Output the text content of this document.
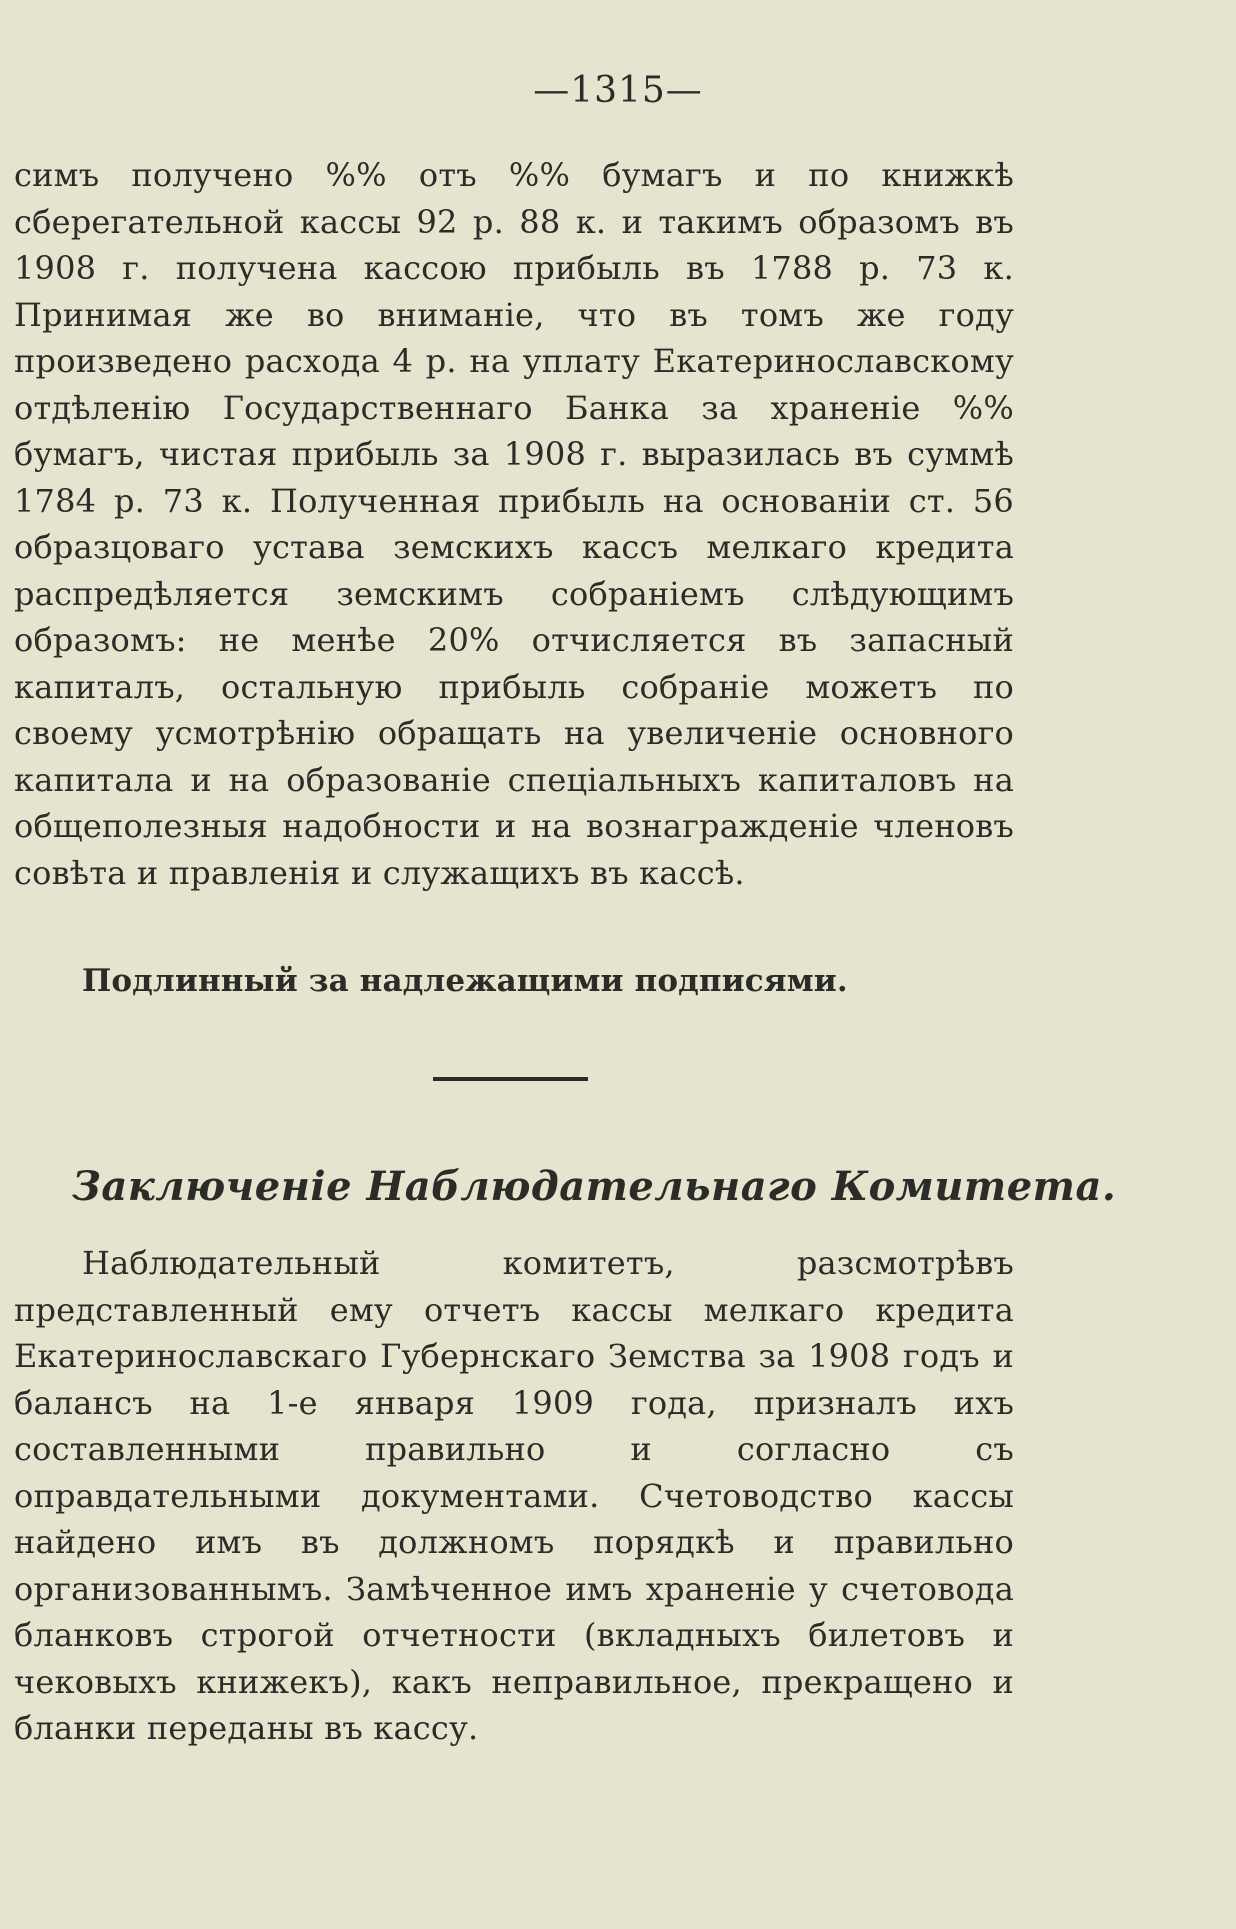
—1315—

симъ получено %% отъ %% бумагъ и по книжкѣ сберегательной кассы 92 р. 88 к. и такимъ образомъ въ 1908 г. получена кассою прибыль въ 1788 р. 73 к. Принимая же во вниманіе, что въ томъ же году произведено расхода 4 р. на уплату Екатеринославскому отдѣленію Государственнаго Банка за храненіе %% бумагъ, чистая прибыль за 1908 г. выразилась въ суммѣ 1784 р. 73 к. Полученная прибыль на основаніи ст. 56 образцоваго устава земскихъ кассъ мелкаго кредита распредѣляется земскимъ собраніемъ слѣдующимъ образомъ: не менѣе 20% отчисляется въ запасный капиталъ, остальную прибыль собраніе можетъ по своему усмотрѣнію обращать на увеличеніе основного капитала и на образованіе спеціальныхъ капиталовъ на общеполезныя надобности и на вознагражденіе членовъ совѣта и правленія и служащихъ въ кассѣ.

Подлинный за надлежащими подписями.
Заключеніе Наблюдательнаго Комитета.

Наблюдательный комитетъ, разсмотрѣвъ представленный ему отчетъ кассы мелкаго кредита Екатеринославскаго Губернскаго Земства за 1908 годъ и балансъ на 1-е января 1909 года, призналъ ихъ составленными правильно и согласно съ оправдательными документами. Счетоводство кассы найдено имъ въ должномъ порядкѣ и правильно организованнымъ. Замѣченное имъ храненіе у счетовода бланковъ строгой отчетности (вкладныхъ билетовъ и чековыхъ книжекъ), какъ неправильное, прекращено и бланки переданы въ кассу.
